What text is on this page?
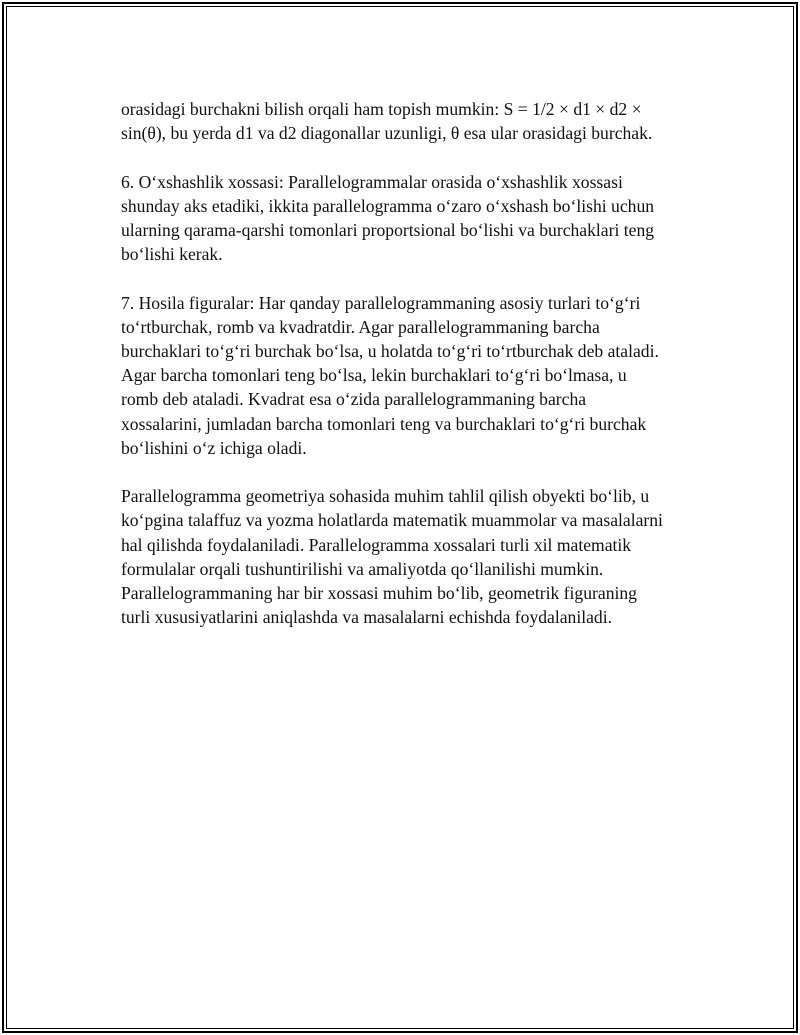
orasidagi burchakni bilish orqali ham topish mumkin: S = 1/2 × d1 × d2 ×
sin(θ), bu yerda d1 va d2 diagonallar uzunligi, θ esa ular orasidagi burchak.

6. Oʻxshashlik xossasi: Parallelogrammalar orasida oʻxshashlik xossasi
shunday aks etadiki, ikkita parallelogramma oʻzaro oʻxshash boʻlishi uchun
ularning qarama-qarshi tomonlari proportsional boʻlishi va burchaklari teng
boʻlishi kerak.

7. Hosila figuralar: Har qanday parallelogrammaning asosiy turlari toʻgʻri
toʻrtburchak, romb va kvadratdir. Agar parallelogrammaning barcha
burchaklari toʻgʻri burchak boʻlsa, u holatda toʻgʻri toʻrtburchak deb ataladi.
Agar barcha tomonlari teng boʻlsa, lekin burchaklari toʻgʻri boʻlmasa, u
romb deb ataladi. Kvadrat esa oʻzida parallelogrammaning barcha
xossalarini, jumladan barcha tomonlari teng va burchaklari toʻgʻri burchak
boʻlishini oʻz ichiga oladi.

Parallelogramma geometriya sohasida muhim tahlil qilish obyekti boʻlib, u
koʻpgina talaffuz va yozma holatlarda matematik muammolar va masalalarni
hal qilishda foydalaniladi. Parallelogramma xossalari turli xil matematik
formulalar orqali tushuntirilishi va amaliyotda qoʻllanilishi mumkin.
Parallelogrammaning har bir xossasi muhim boʻlib, geometrik figuraning
turli xususiyatlarini aniqlashda va masalalarni echishda foydalaniladi.
